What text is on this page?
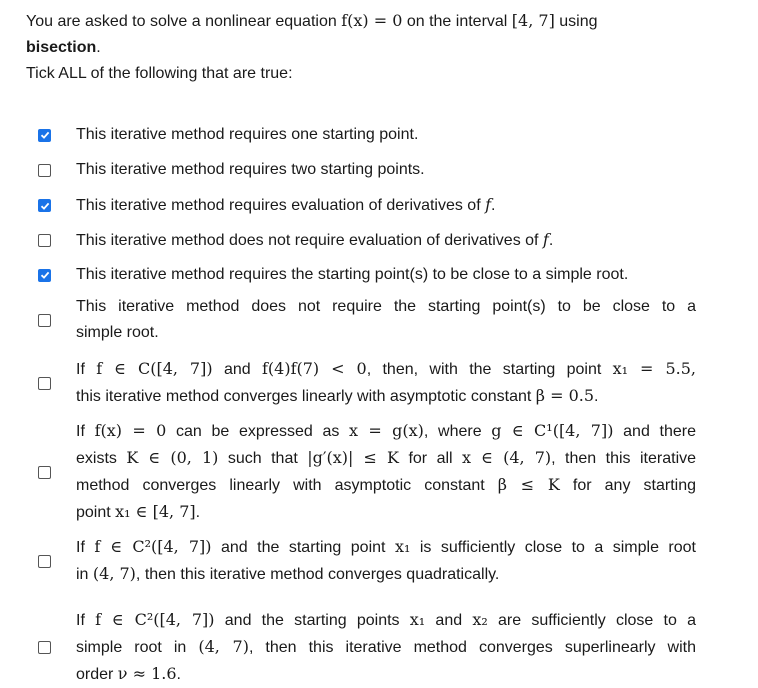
You are asked to solve a nonlinear equation f(x) = 0 on the interval [4, 7] using
bisection.
Tick ALL of the following that are true:
This iterative method requires one starting point.
This iterative method requires two starting points.
This iterative method requires evaluation of derivatives of f.
This iterative method does not require evaluation of derivatives of f.
This iterative method requires the starting point(s) to be close to a simple root.
This iterative method does not require the starting point(s) to be close to a
simple root.
If f ∈ C([4, 7]) and f(4)f(7) < 0, then, with the starting point x₁ = 5.5,
this iterative method converges linearly with asymptotic constant β = 0.5.
If f(x) = 0 can be expressed as x = g(x), where g ∈ C¹([4, 7]) and there
exists K ∈ (0, 1) such that |g′(x)| ≤ K for all x ∈ (4, 7), then this iterative
method converges linearly with asymptotic constant β ≤ K for any starting
point x₁ ∈ [4, 7].
If f ∈ C²([4, 7]) and the starting point x₁ is sufficiently close to a simple root
in (4, 7), then this iterative method converges quadratically.
If f ∈ C²([4, 7]) and the starting points x₁ and x₂ are sufficiently close to a
simple root in (4, 7), then this iterative method converges superlinearly with
order ν ≈ 1.6.
